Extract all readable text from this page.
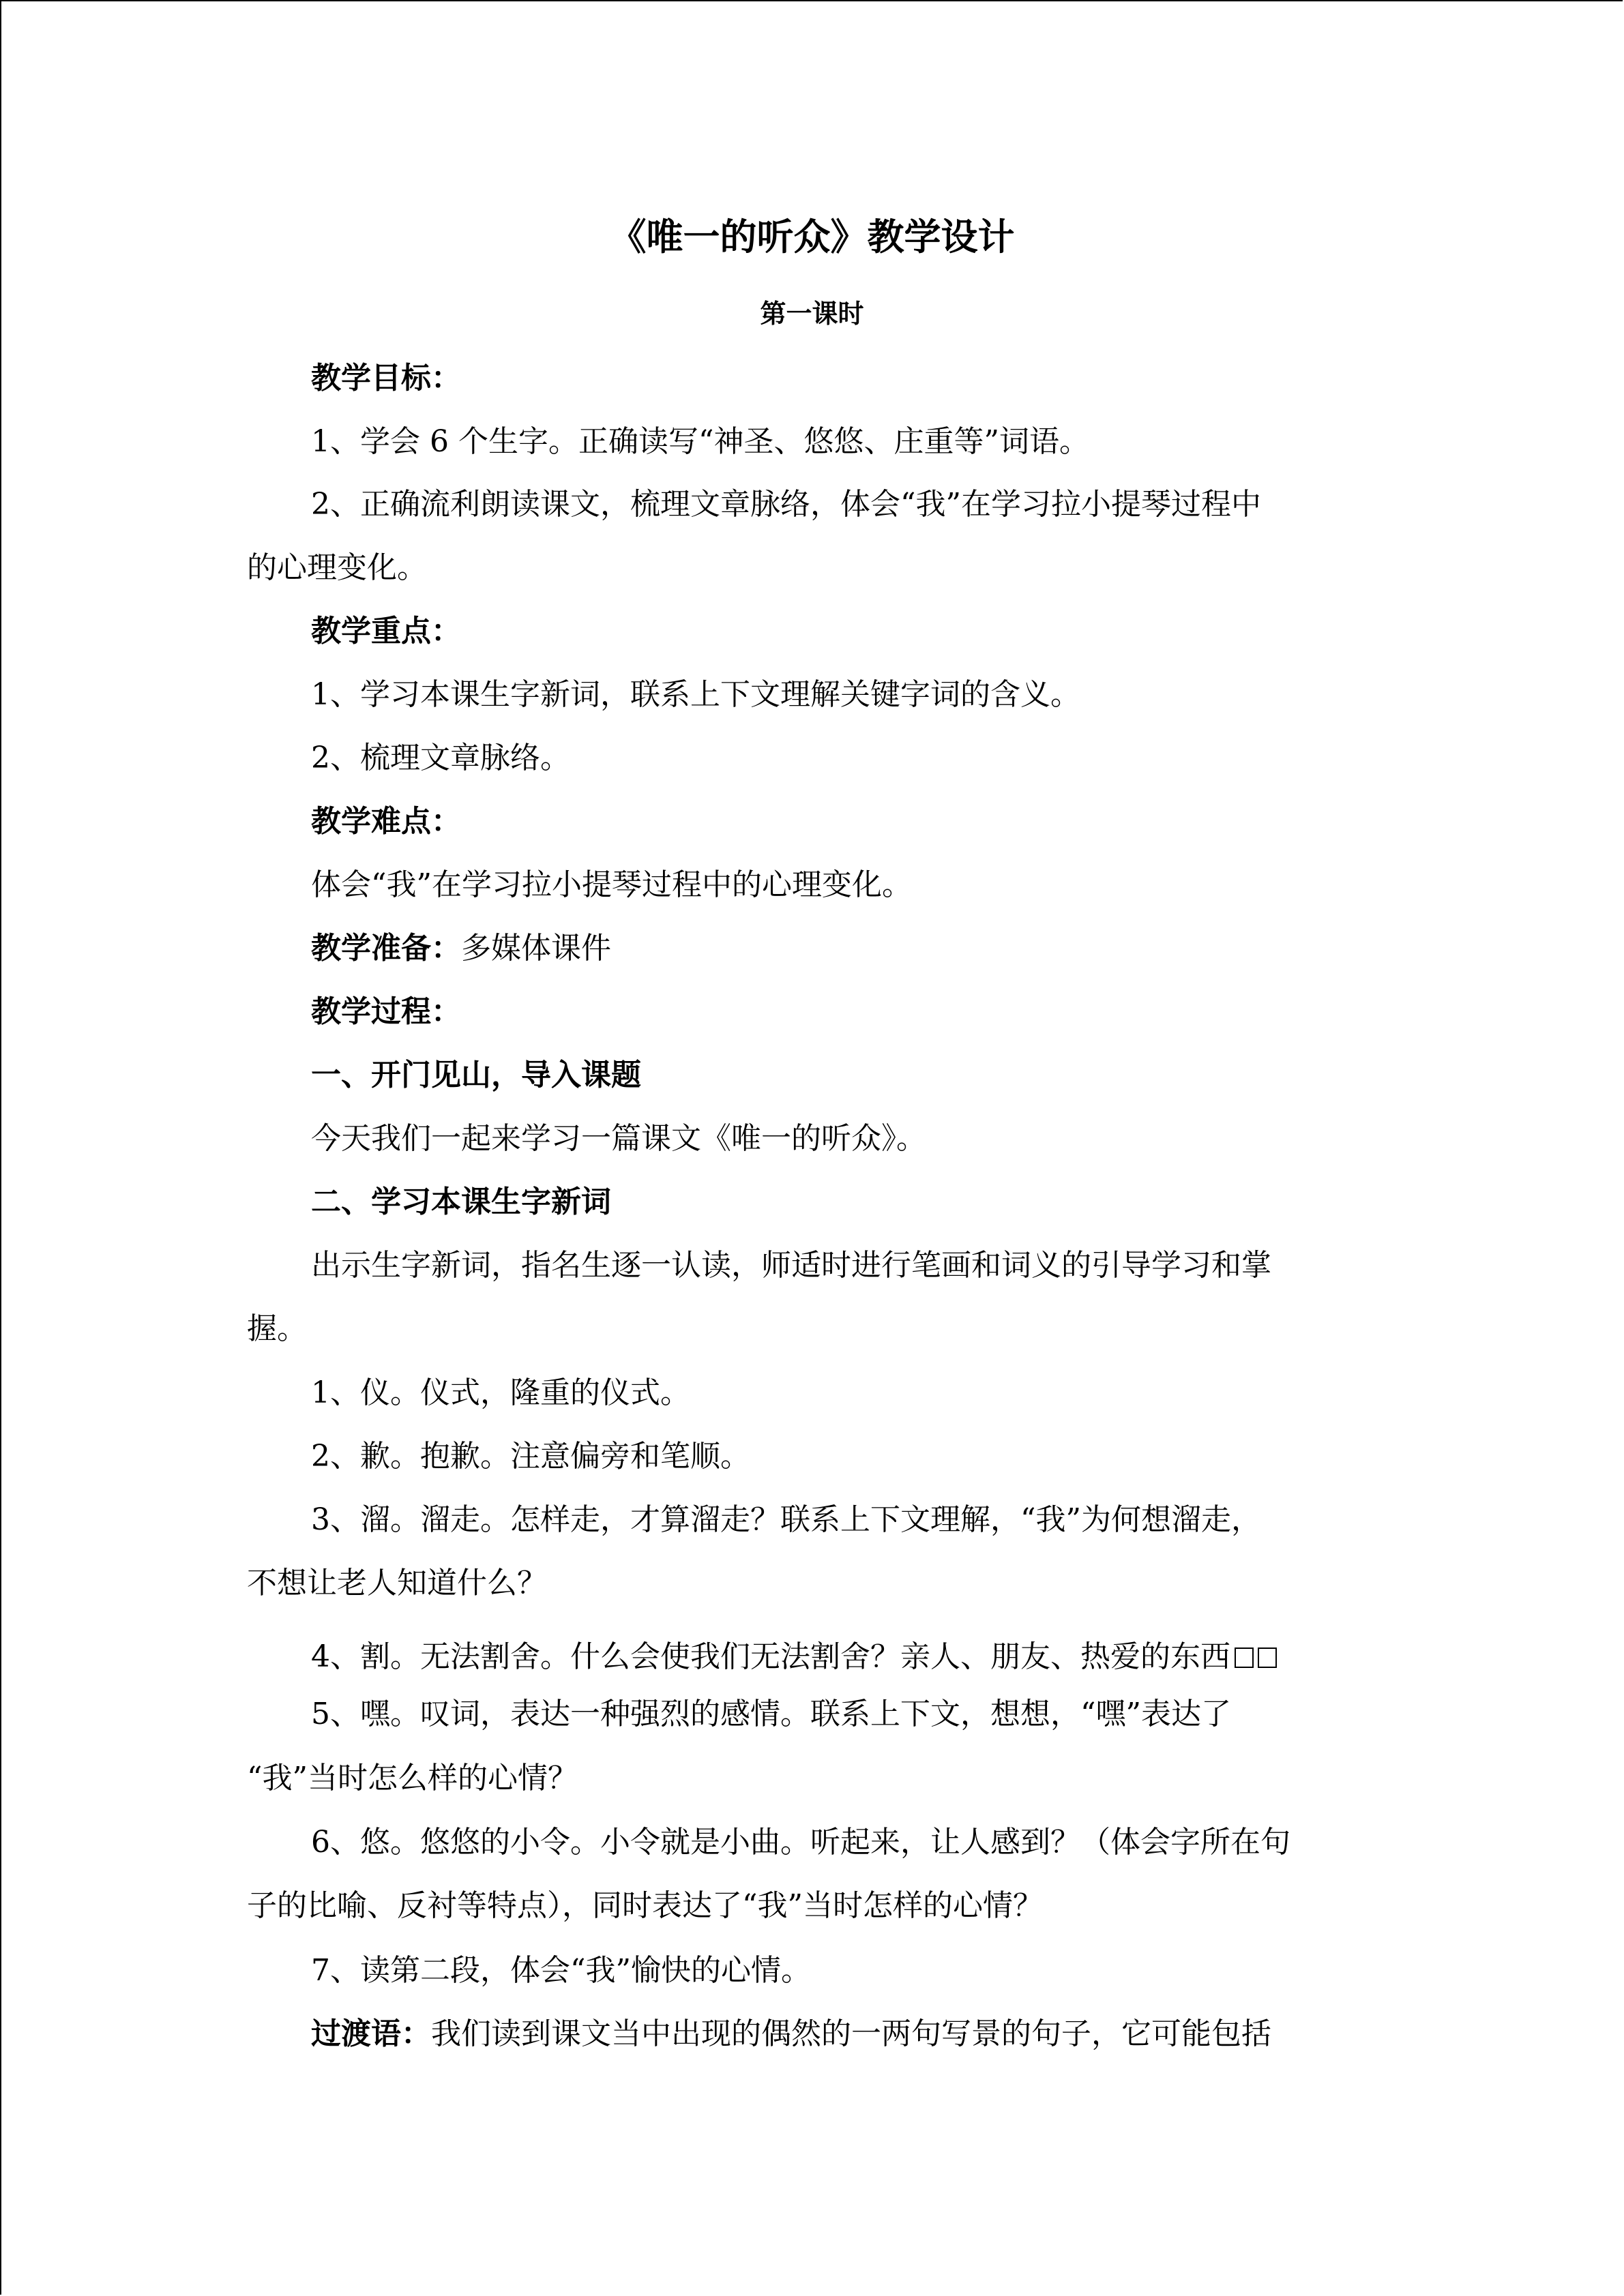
《唯一的听众》教学设计
第一课时
教学目标：
1、学会 6 个生字。正确读写“神圣、悠悠、庄重等”词语。
2、正确流利朗读课文，梳理文章脉络，体会“我”在学习拉小提琴过程中
的心理变化。
教学重点：
1、学习本课生字新词，联系上下文理解关键字词的含义。
2、梳理文章脉络。
教学难点：
体会“我”在学习拉小提琴过程中的心理变化。
教学准备：多媒体课件
教学过程：
一、开门见山，导入课题
今天我们一起来学习一篇课文《唯一的听众》。
二、学习本课生字新词
出示生字新词，指名生逐一认读，师适时进行笔画和词义的引导学习和掌
握。
1、仪。仪式，隆重的仪式。
2、歉。抱歉。注意偏旁和笔顺。
3、溜。溜走。怎样走，才算溜走？联系上下文理解，“我”为何想溜走，
不想让老人知道什么？
4、割。无法割舍。什么会使我们无法割舍？亲人、朋友、热爱的东西
5、嘿。叹词，表达一种强烈的感情。联系上下文，想想，“嘿”表达了
“我”当时怎么样的心情？
6、悠。悠悠的小令。小令就是小曲。听起来，让人感到？（体会字所在句
子的比喻、反衬等特点），同时表达了“我”当时怎样的心情？
7、读第二段，体会“我”愉快的心情。
过渡语：我们读到课文当中出现的偶然的一两句写景的句子，它可能包括
